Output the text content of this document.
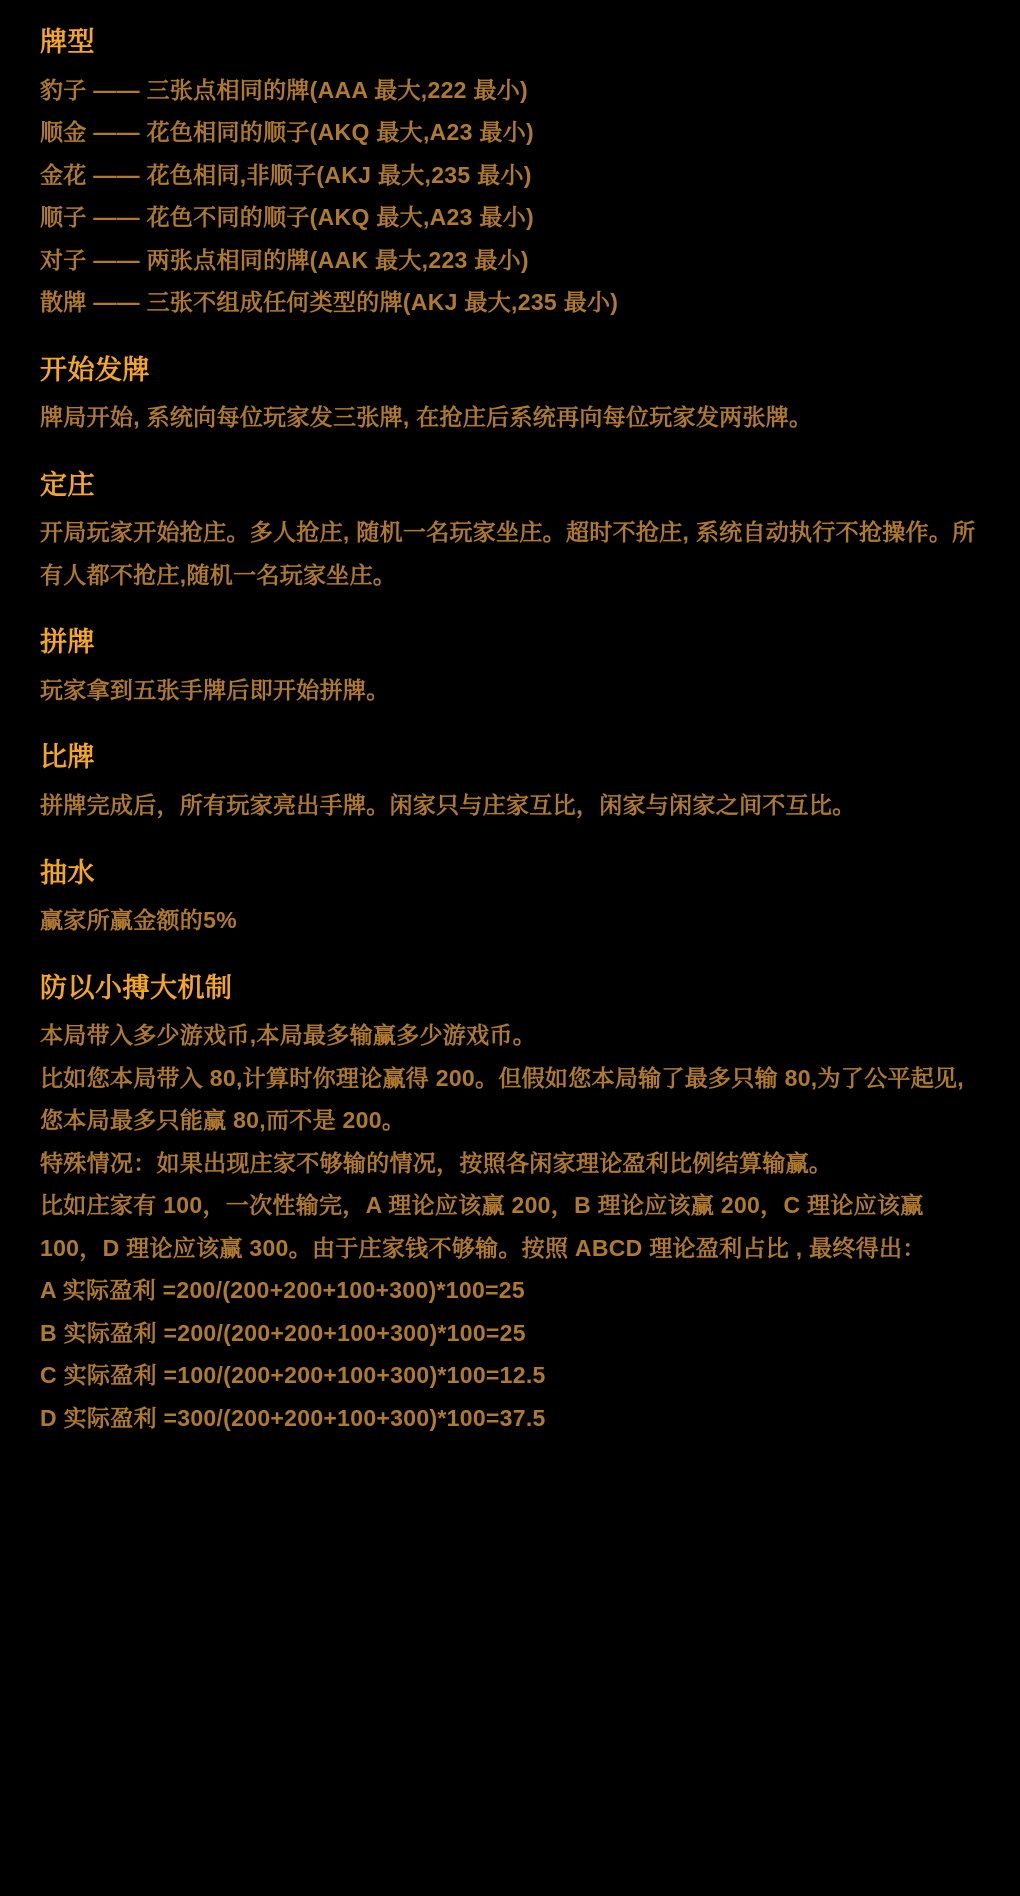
牌型
豹子 —— 三张点相同的牌(AAA 最大,222 最小)
顺金 —— 花色相同的顺子(AKQ 最大,A23 最小)
金花 —— 花色相同,非顺子(AKJ 最大,235 最小)
顺子 —— 花色不同的顺子(AKQ 最大,A23 最小)
对子 —— 两张点相同的牌(AAK 最大,223 最小)
散牌 —— 三张不组成任何类型的牌(AKJ 最大,235 最小)
开始发牌

牌局开始, 系统向每位玩家发三张牌, 在抢庄后系统再向每位玩家发两张牌。

定庄

开局玩家开始抢庄。多人抢庄, 随机一名玩家坐庄。超时不抢庄, 系统自动执行不抢操作。所有人都不抢庄,随机一名玩家坐庄。

拼牌

玩家拿到五张手牌后即开始拼牌。

比牌

拼牌完成后，所有玩家亮出手牌。闲家只与庄家互比，闲家与闲家之间不互比。

抽水

赢家所赢金额的5%

防以小搏大机制

本局带入多少游戏币,本局最多输赢多少游戏币。

比如您本局带入 80,计算时你理论赢得 200。但假如您本局输了最多只输 80,为了公平起见,您本局最多只能赢 80,而不是 200。

特殊情况：如果出现庄家不够输的情况，按照各闲家理论盈利比例结算输赢。

比如庄家有 100，一次性输完，A 理论应该赢 200，B 理论应该赢 200，C 理论应该赢 100，D 理论应该赢 300。由于庄家钱不够输。按照 ABCD 理论盈利占比 , 最终得出：

A 实际盈利 =200/(200+200+100+300)*100=25

B 实际盈利 =200/(200+200+100+300)*100=25

C 实际盈利 =100/(200+200+100+300)*100=12.5

D 实际盈利 =300/(200+200+100+300)*100=37.5
